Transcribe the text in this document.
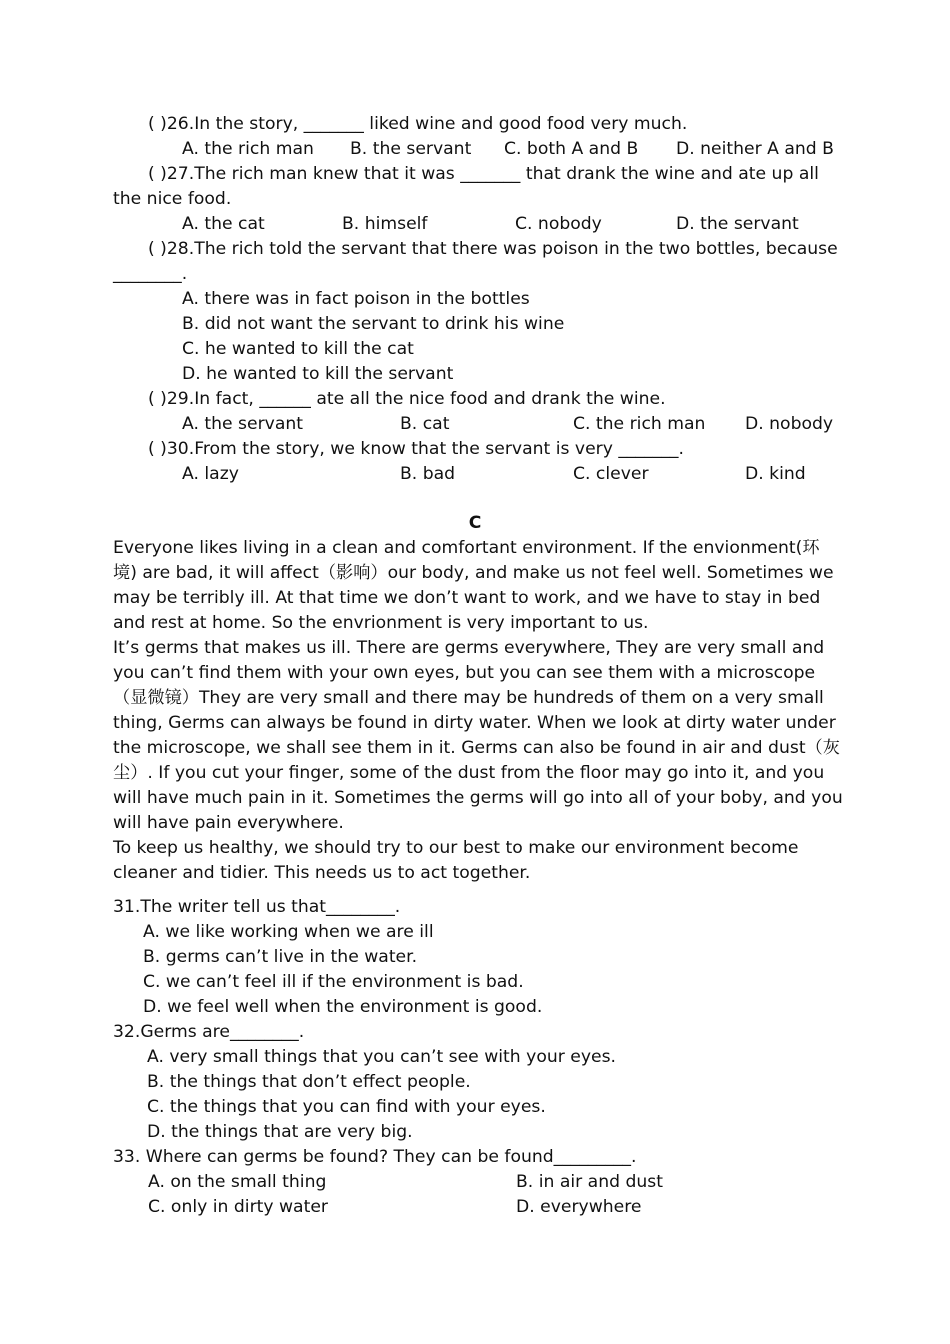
( )26.In the story, _______ liked wine and good food very much.
A. the rich man B. the servant C. both A and B D. neither A and B
( )27.The rich man knew that it was _______ that drank the wine and ate up all
the nice food.
A. the cat	B. himself	C. nobody	D. the servant
( )28.The rich told the servant that there was poison in the two bottles, because
________.
A. there was in fact poison in the bottles
B. did not want the servant to drink his wine
C. he wanted to kill the cat
D. he wanted to kill the servant
( )29.In fact, ______ ate all the nice food and drank the wine.
A. the servant	B. cat	C. the rich man D. nobody
( )30.From the story, we know that the servant is very _______.
A. lazy	B. bad	C. clever	D. kind
C
Everyone likes living in a clean and comfortant environment. If the envionment(环
境) are bad, it will affect（影响）our body, and make us not feel well. Sometimes we
may be terribly ill. At that time we don’t want to work, and we have to stay in bed
and rest at home. So the envrionment is very important to us.
It’s germs that makes us ill. There are germs everywhere, They are very small and
you can’t find them with your own eyes, but you can see them with a microscope
（显微镜）They are very small and there may be hundreds of them on a very small
thing, Germs can always be found in dirty water. When we look at dirty water under
the microscope, we shall see them in it. Germs can also be found in air and dust（灰
尘）. If you cut your finger, some of the dust from the floor may go into it, and you
will have much pain in it. Sometimes the germs will go into all of your boby, and you
will have pain everywhere.
To keep us healthy, we should try to our best to make our environment become
cleaner and tidier. This needs us to act together.
31.The writer tell us that________.
A. we like working when we are ill
B. germs can’t live in the water.
C. we can’t feel ill if the environment is bad.
D. we feel well when the environment is good.
32.Germs are________.
A. very small things that you can’t see with your eyes.
B. the things that don’t effect people.
C. the things that you can find with your eyes.
D. the things that are very big.
33. Where can germs be found? They can be found_________.
A. on the small thing	B. in air and dust
C. only in dirty water	D. everywhere
